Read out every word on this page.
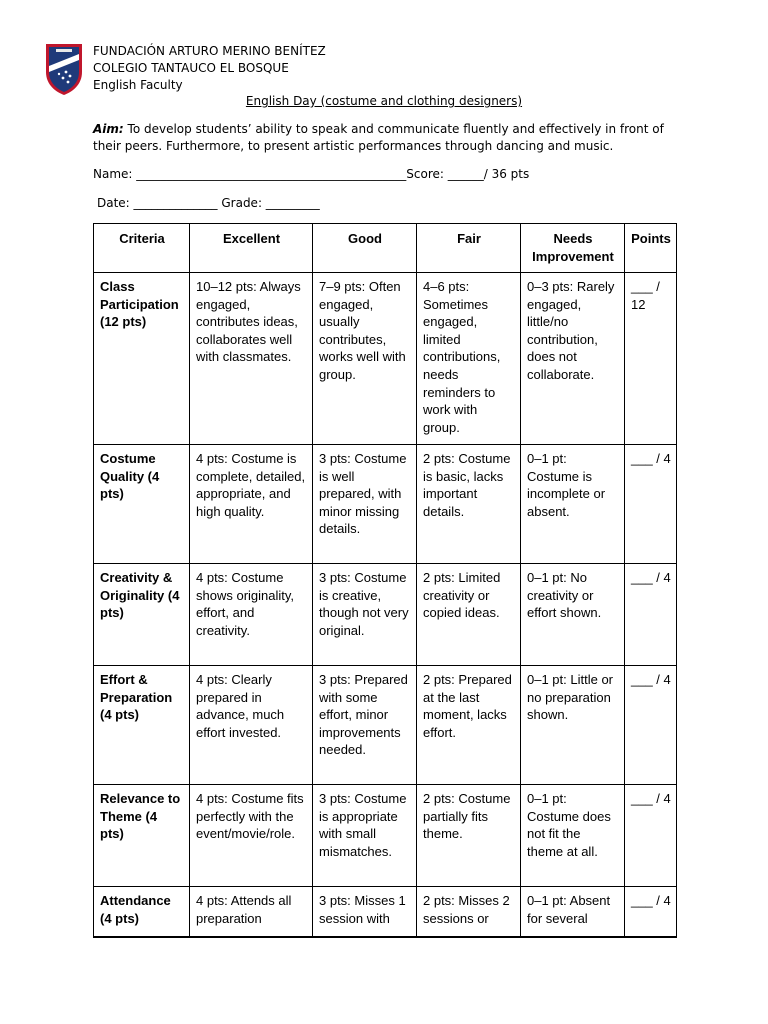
FUNDACIÓN ARTURO MERINO BENÍTEZ
COLEGIO TANTAUCO EL BOSQUE
English Faculty
English Day (costume and clothing designers)
Aim: To develop students’ ability to speak and communicate fluently and effectively in front of their peers. Furthermore, to present artistic performances through dancing and music.
Name: _____________________________________________Score: ______/ 36 pts
Date: ______________ Grade: _________
Criteria	Excellent	Good	Fair	Needs Improvement	Points
Class Participation (12 pts)	10–12 pts: Always engaged, contributes ideas, collaborates well with classmates.	7–9 pts: Often engaged, usually contributes, works well with group.	4–6 pts: Sometimes engaged, limited contributions, needs reminders to work with group.	0–3 pts: Rarely engaged, little/no contribution, does not collaborate.	___ / 12
Costume Quality (4 pts)	4 pts: Costume is complete, detailed, appropriate, and high quality.	3 pts: Costume is well prepared, with minor missing details.	2 pts: Costume is basic, lacks important details.	0–1 pt: Costume is incomplete or absent.	___ / 4
Creativity & Originality (4 pts)	4 pts: Costume shows originality, effort, and creativity.	3 pts: Costume is creative, though not very original.	2 pts: Limited creativity or copied ideas.	0–1 pt: No creativity or effort shown.	___ / 4
Effort & Preparation (4 pts)	4 pts: Clearly prepared in advance, much effort invested.	3 pts: Prepared with some effort, minor improvements needed.	2 pts: Prepared at the last moment, lacks effort.	0–1 pt: Little or no preparation shown.	___ / 4
Relevance to Theme (4 pts)	4 pts: Costume fits perfectly with the event/movie/role.	3 pts: Costume is appropriate with small mismatches.	2 pts: Costume partially fits theme.	0–1 pt: Costume does not fit the theme at all.	___ / 4
Attendance (4 pts)	4 pts: Attends all preparation	3 pts: Misses 1 session with	2 pts: Misses 2 sessions or	0–1 pt: Absent for several	___ / 4
